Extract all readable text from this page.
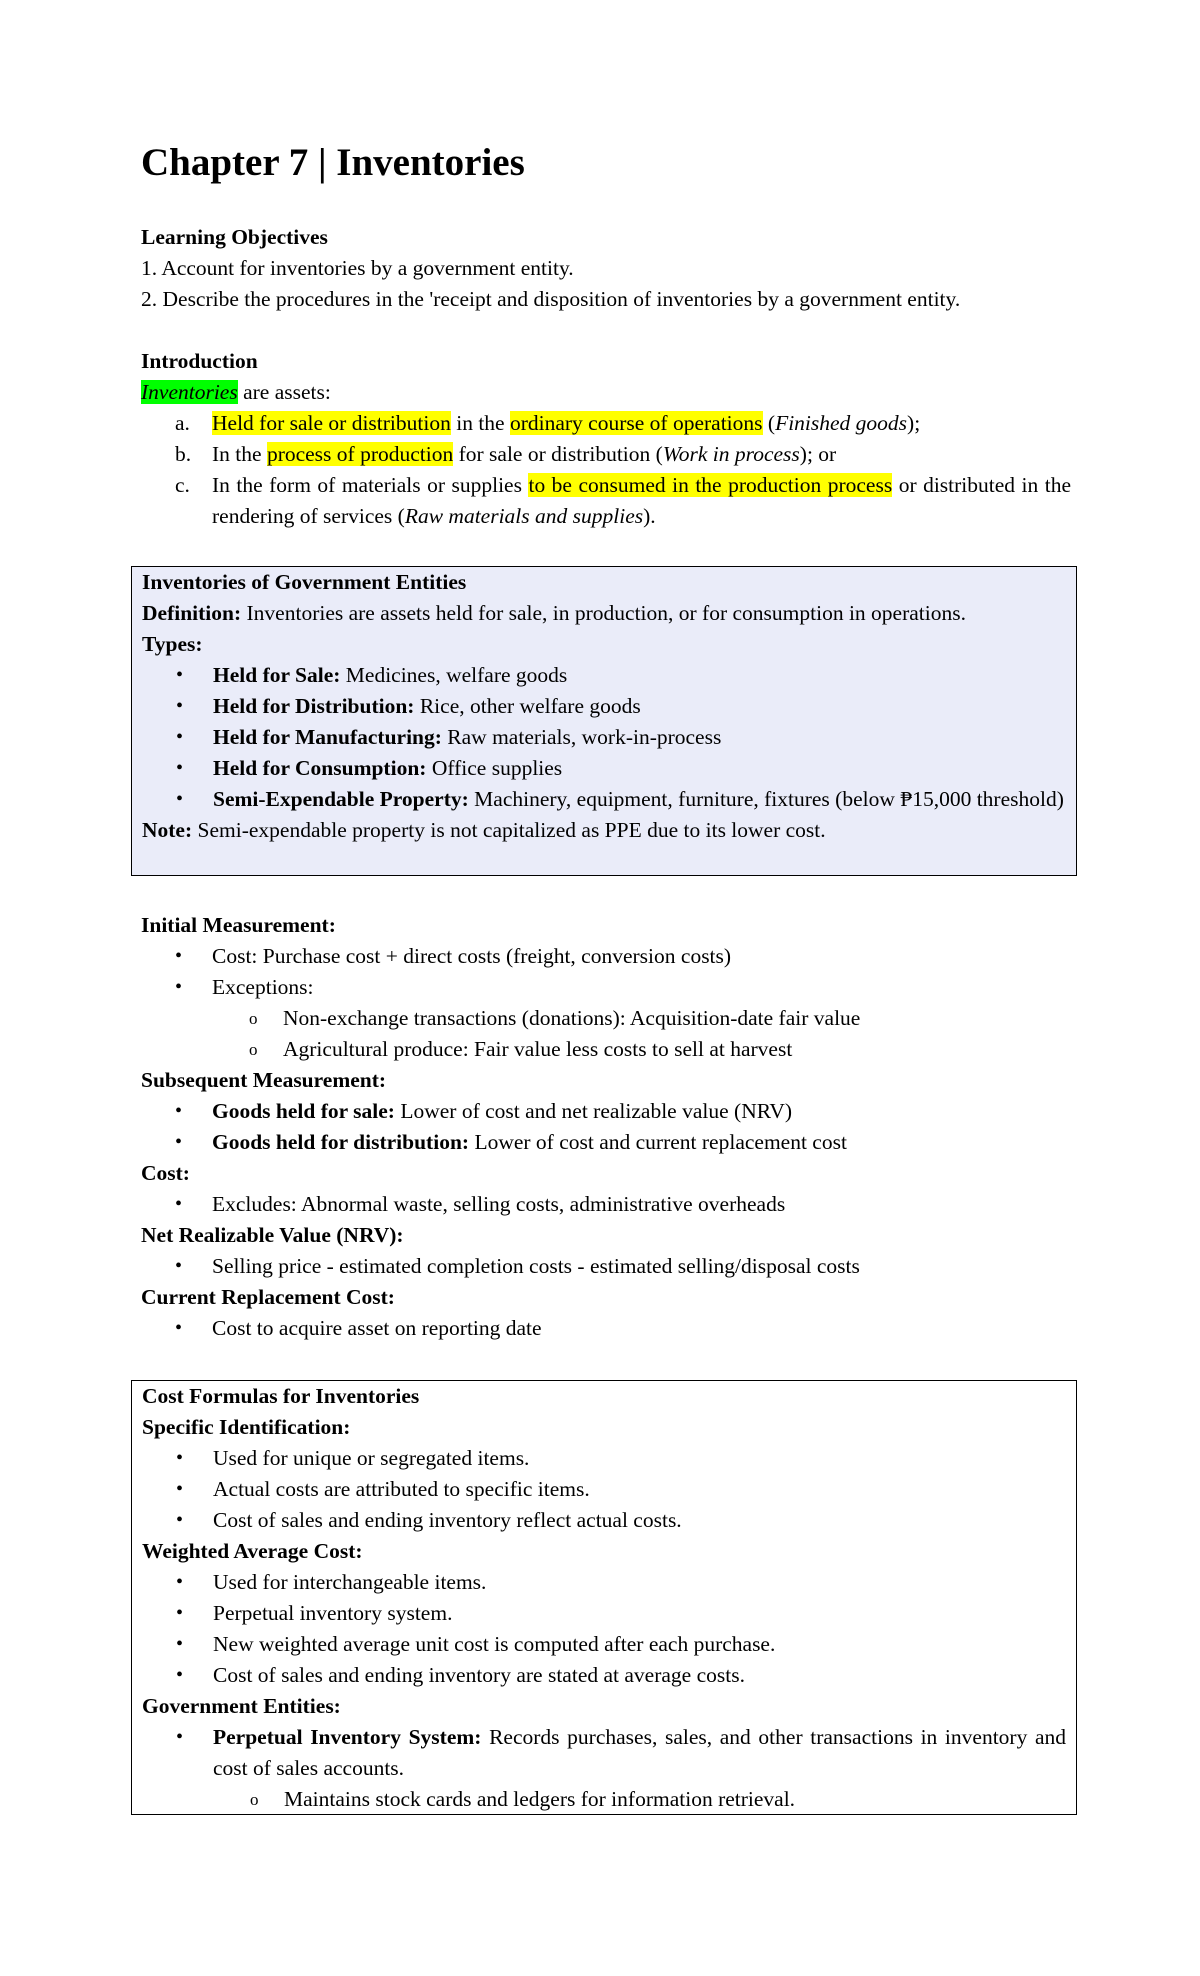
Chapter 7 | Inventories
Learning Objectives
1. Account for inventories by a government entity.
2. Describe the procedures in the 'receipt and disposition of inventories by a government entity.
Introduction
Inventories are assets:
a. Held for sale or distribution in the ordinary course of operations (Finished goods);
b. In the process of production for sale or distribution (Work in process); or
c. In the form of materials or supplies to be consumed in the production process or distributed in the rendering of services (Raw materials and supplies).
Inventories of Government Entities
Definition: Inventories are assets held for sale, in production, or for consumption in operations.
Types:
• Held for Sale: Medicines, welfare goods
• Held for Distribution: Rice, other welfare goods
• Held for Manufacturing: Raw materials, work-in-process
• Held for Consumption: Office supplies
• Semi-Expendable Property: Machinery, equipment, furniture, fixtures (below ₱15,000 threshold)
Note: Semi-expendable property is not capitalized as PPE due to its lower cost.
Initial Measurement:
• Cost: Purchase cost + direct costs (freight, conversion costs)
• Exceptions:
o Non-exchange transactions (donations): Acquisition-date fair value
o Agricultural produce: Fair value less costs to sell at harvest
Subsequent Measurement:
• Goods held for sale: Lower of cost and net realizable value (NRV)
• Goods held for distribution: Lower of cost and current replacement cost
Cost:
• Excludes: Abnormal waste, selling costs, administrative overheads
Net Realizable Value (NRV):
• Selling price - estimated completion costs - estimated selling/disposal costs
Current Replacement Cost:
• Cost to acquire asset on reporting date
Cost Formulas for Inventories
Specific Identification:
• Used for unique or segregated items.
• Actual costs are attributed to specific items.
• Cost of sales and ending inventory reflect actual costs.
Weighted Average Cost:
• Used for interchangeable items.
• Perpetual inventory system.
• New weighted average unit cost is computed after each purchase.
• Cost of sales and ending inventory are stated at average costs.
Government Entities:
• Perpetual Inventory System: Records purchases, sales, and other transactions in inventory and cost of sales accounts.
o Maintains stock cards and ledgers for information retrieval.
